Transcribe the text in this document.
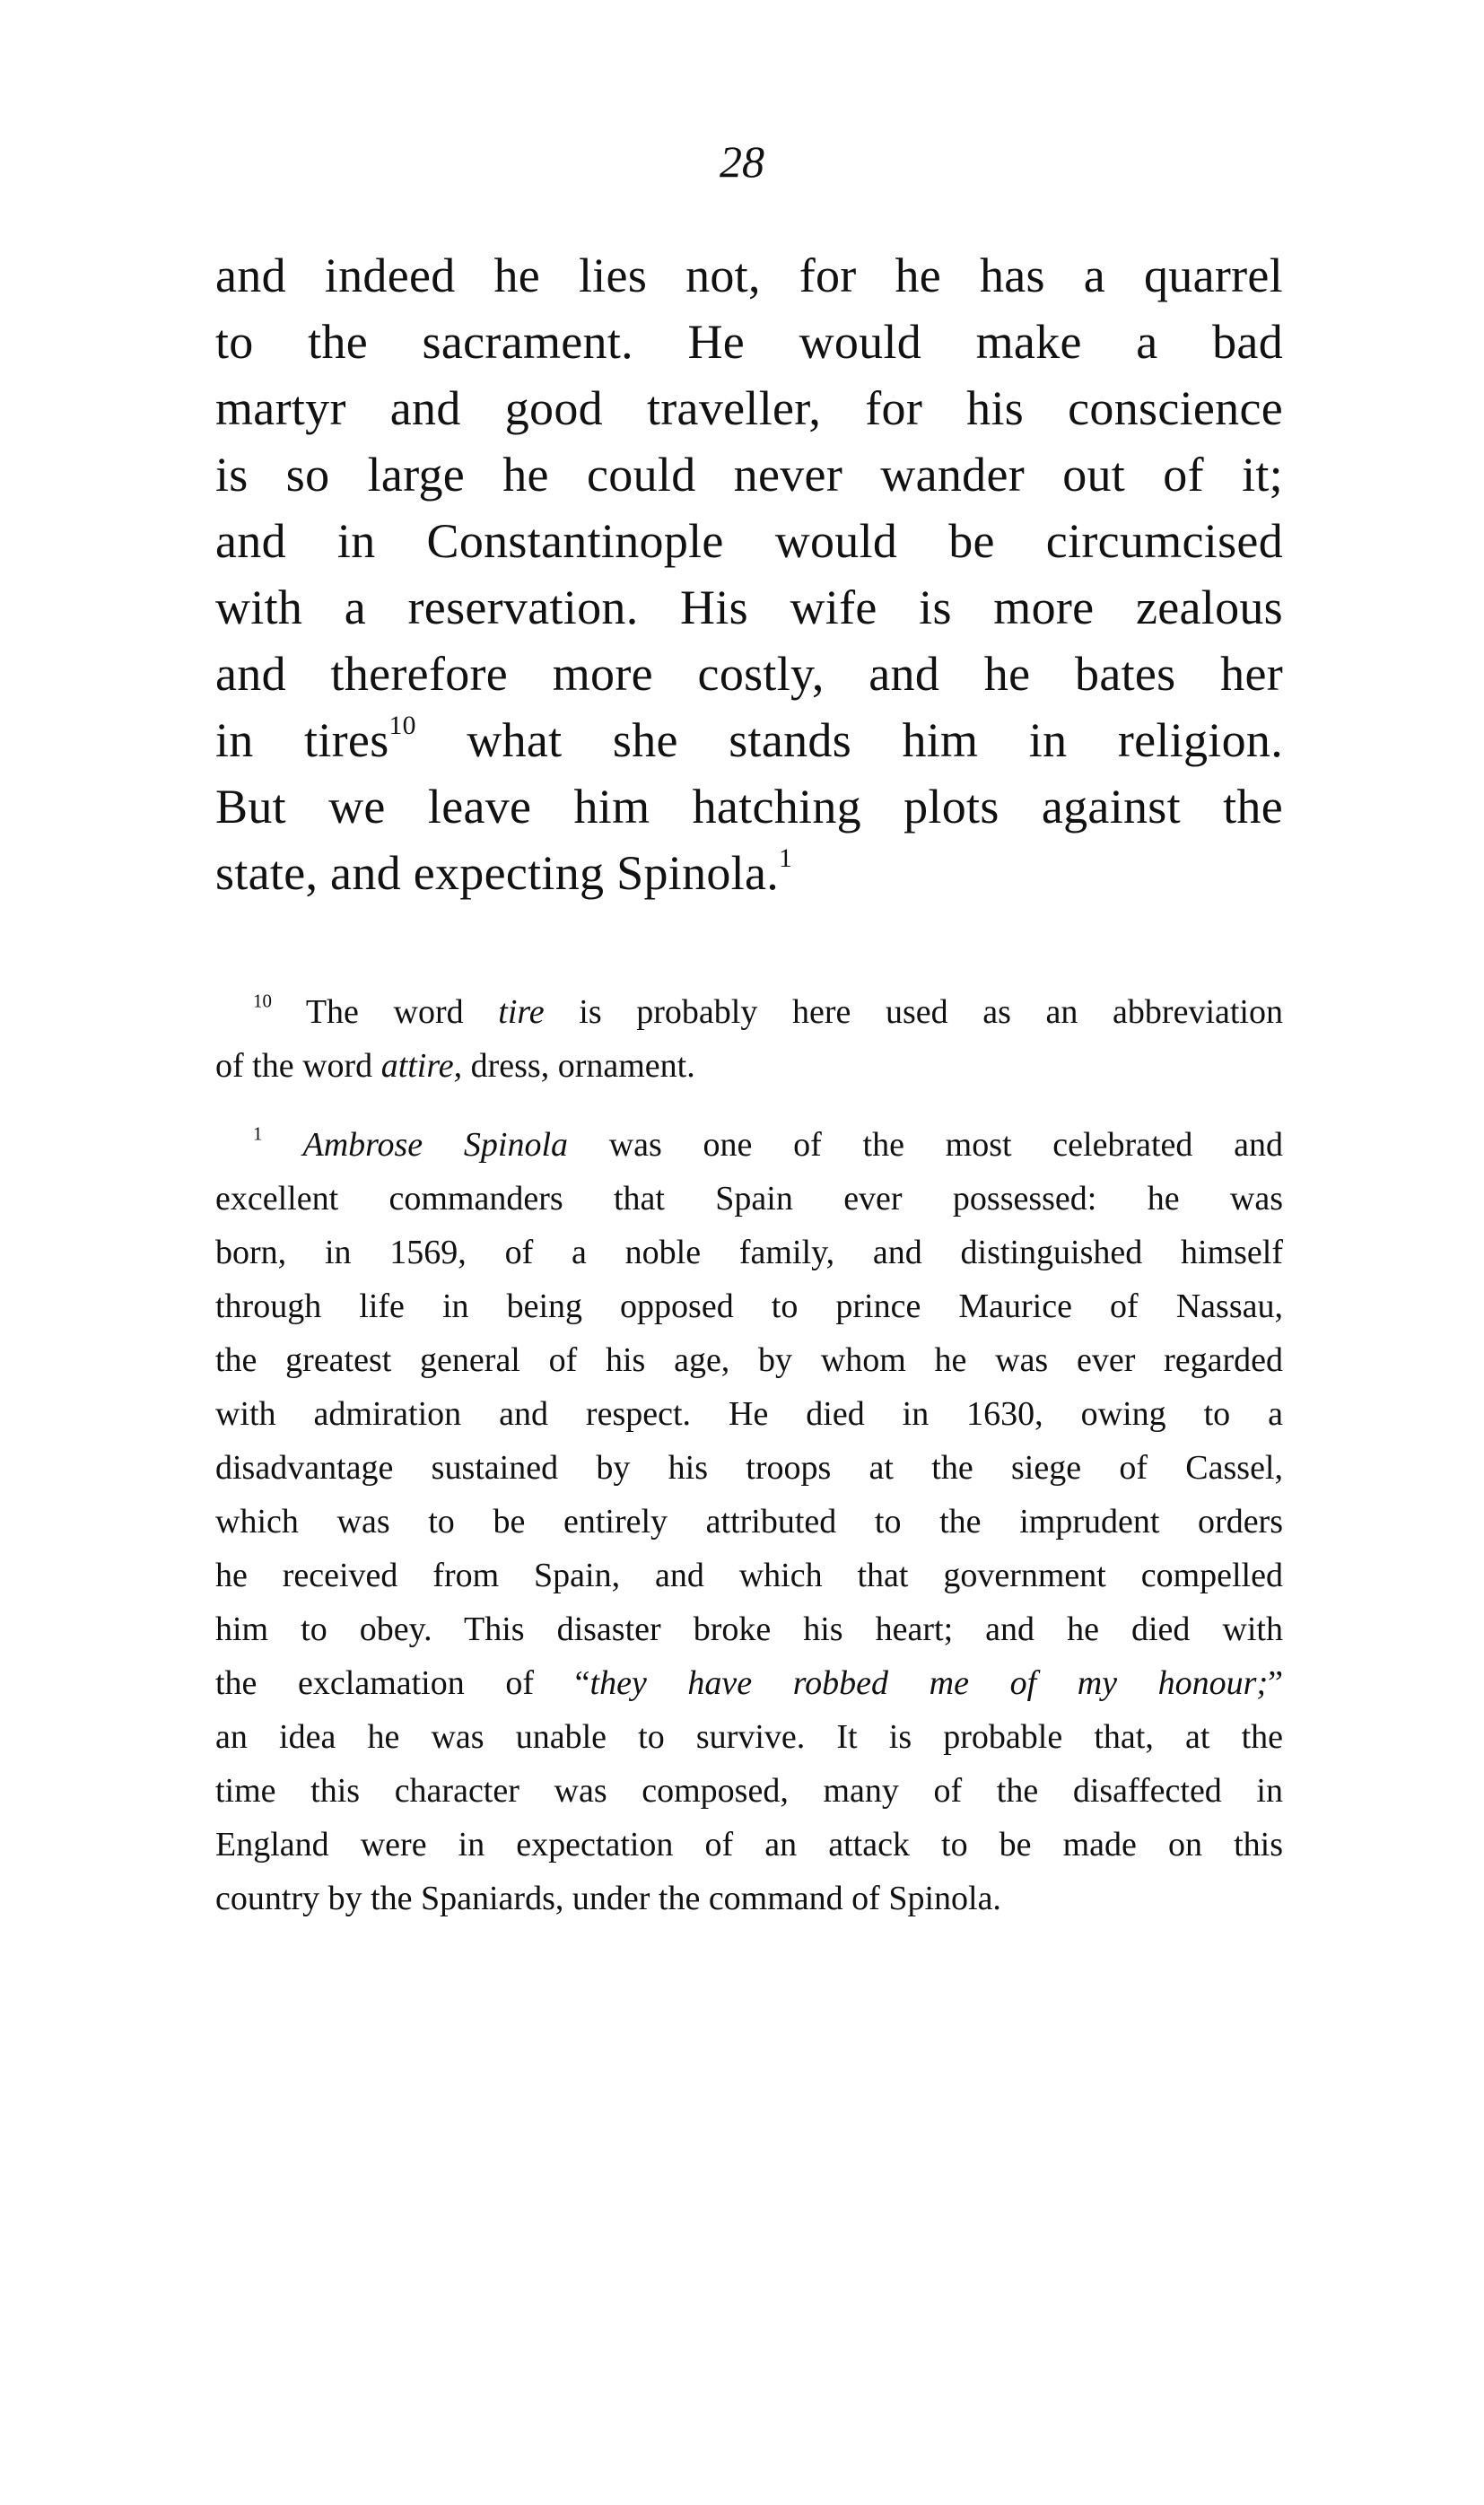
28
and indeed he lies not, for he has a quarrel
to the sacrament. He would make a bad
martyr and good traveller, for his conscience
is so large he could never wander out of it;
and in Constantinople would be circumcised
with a reservation. His wife is more zealous
and therefore more costly, and he bates her
in tires$^{10}$ what she stands him in religion.
But we leave him hatching plots against the
state, and expecting Spinola.$^1$
$^{10}$ The word tire is probably here used as an abbreviation
of the word attire, dress, ornament.
$^1$ Ambrose Spinola was one of the most celebrated and
excellent commanders that Spain ever possessed: he was
born, in 1569, of a noble family, and distinguished himself
through life in being opposed to prince Maurice of Nassau,
the greatest general of his age, by whom he was ever regarded
with admiration and respect. He died in 1630, owing to a
disadvantage sustained by his troops at the siege of Cassel,
which was to be entirely attributed to the imprudent orders
he received from Spain, and which that government compelled
him to obey. This disaster broke his heart; and he died with
the exclamation of “they have robbed me of my honour;”
an idea he was unable to survive. It is probable that, at the
time this character was composed, many of the disaffected in
England were in expectation of an attack to be made on this
country by the Spaniards, under the command of Spinola.
